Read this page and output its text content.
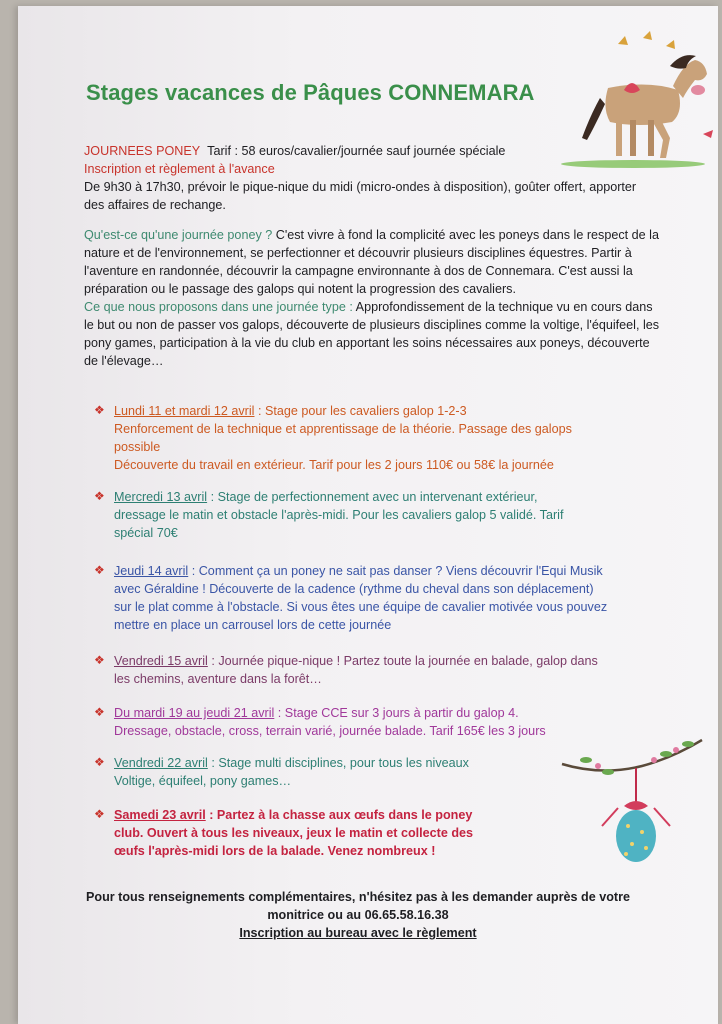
Stages vacances de Pâques CONNEMARA
JOURNEES PONEY Tarif : 58 euros/cavalier/journée sauf journée spéciale
Inscription et règlement à l'avance
De 9h30 à 17h30, prévoir le pique-nique du midi (micro-ondes à disposition), goûter offert, apporter
des affaires de rechange.
Qu'est-ce qu'une journée poney ? C'est vivre à fond la complicité avec les poneys dans le respect de la
nature et de l'environnement, se perfectionner et découvrir plusieurs disciplines équestres. Partir à
l'aventure en randonnée, découvrir la campagne environnante à dos de Connemara. C'est aussi la
préparation ou le passage des galops qui notent la progression des cavaliers.
Ce que nous proposons dans une journée type : Approfondissement de la technique vu en cours dans
le but ou non de passer vos galops, découverte de plusieurs disciplines comme la voltige, l'équifeel, les
pony games, participation à la vie du club en apportant les soins nécessaires aux poneys, découverte
de l'élevage…
❖ Lundi 11 et mardi 12 avril : Stage pour les cavaliers galop 1-2-3
Renforcement de la technique et apprentissage de la théorie. Passage des galops
possible
Découverte du travail en extérieur. Tarif pour les 2 jours 110€ ou 58€ la journée
❖ Mercredi 13 avril : Stage de perfectionnement avec un intervenant extérieur,
dressage le matin et obstacle l'après-midi. Pour les cavaliers galop 5 validé. Tarif
spécial 70€
❖ Jeudi 14 avril : Comment ça un poney ne sait pas danser ? Viens découvrir l'Equi Musik
avec Géraldine ! Découverte de la cadence (rythme du cheval dans son déplacement)
sur le plat comme à l'obstacle. Si vous êtes une équipe de cavalier motivée vous pouvez
mettre en place un carrousel lors de cette journée
❖ Vendredi 15 avril : Journée pique-nique ! Partez toute la journée en balade, galop dans
les chemins, aventure dans la forêt…
❖ Du mardi 19 au jeudi 21 avril : Stage CCE sur 3 jours à partir du galop 4.
Dressage, obstacle, cross, terrain varié, journée balade. Tarif 165€ les 3 jours
❖ Vendredi 22 avril : Stage multi disciplines, pour tous les niveaux
Voltige, équifeel, pony games…
❖ Samedi 23 avril : Partez à la chasse aux œufs dans le poney
club. Ouvert à tous les niveaux, jeux le matin et collecte des
œufs l'après-midi lors de la balade. Venez nombreux !
Pour tous renseignements complémentaires, n'hésitez pas à les demander auprès de votre
monitrice ou au 06.65.58.16.38
Inscription au bureau avec le règlement
